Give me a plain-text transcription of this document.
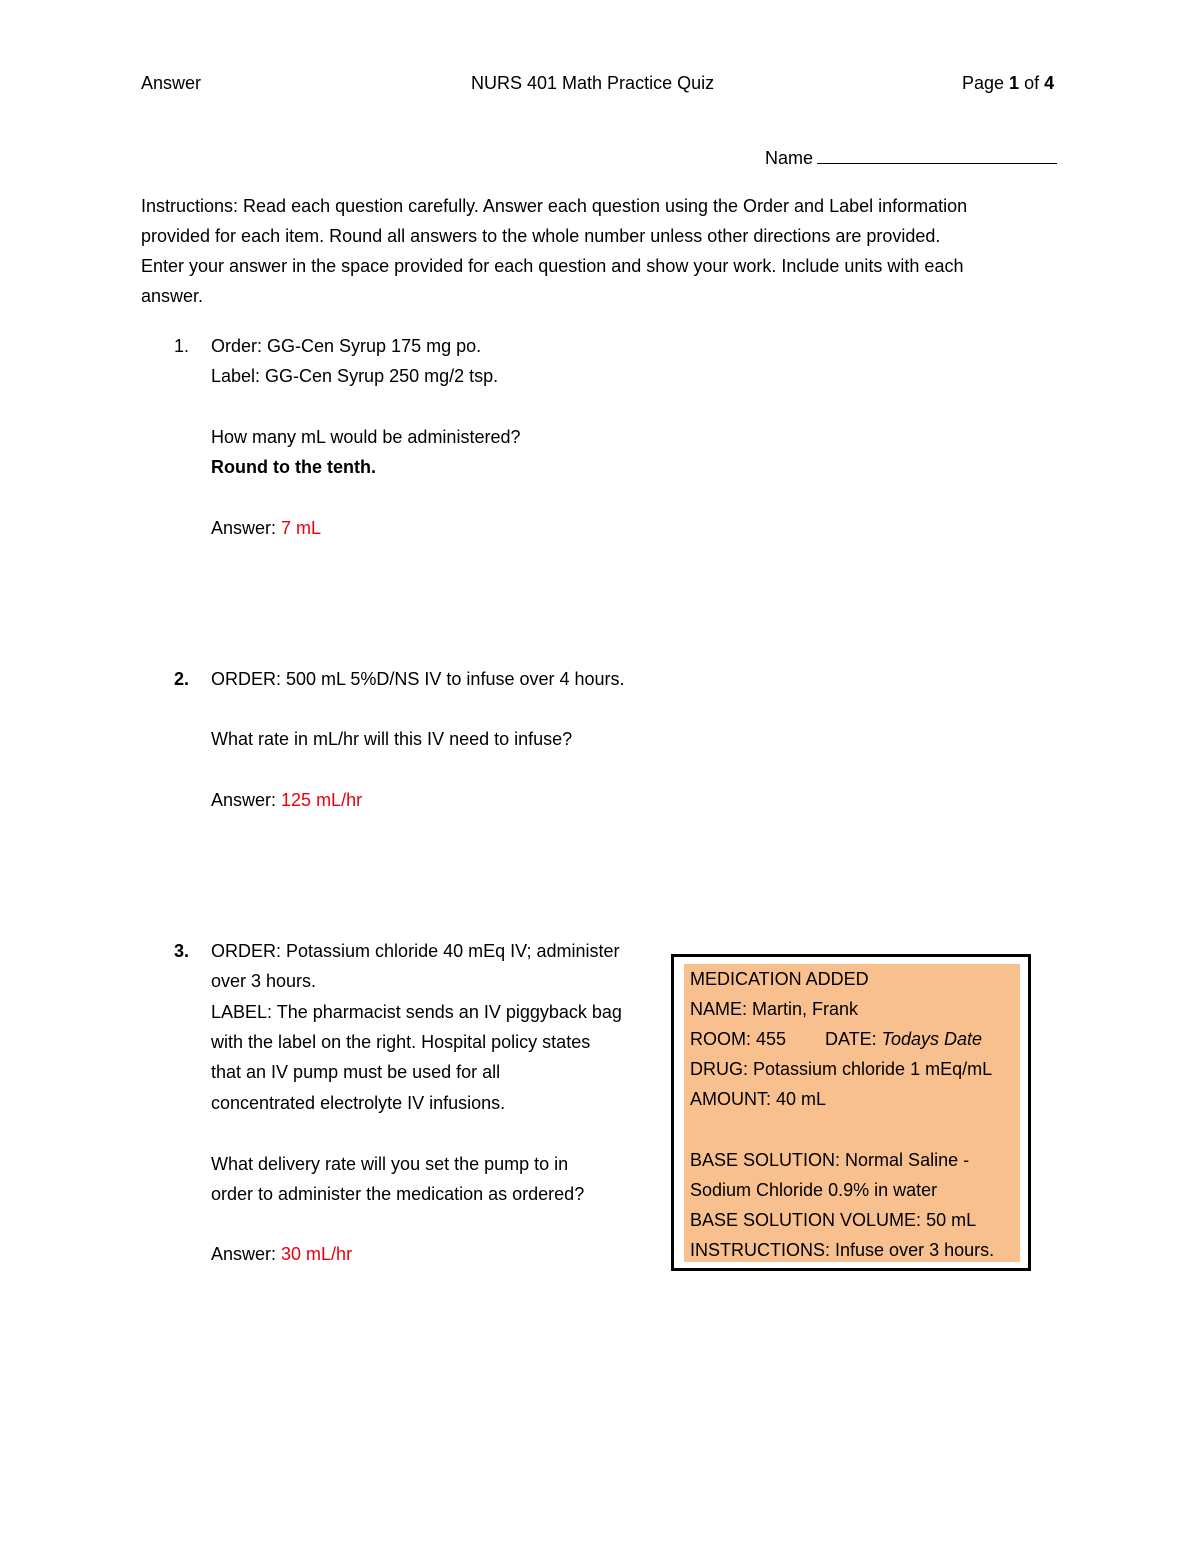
Answer	NURS 401 Math Practice Quiz	Page 1 of 4
Name
Instructions: Read each question carefully. Answer each question using the Order and Label information
provided for each item. Round all answers to the whole number unless other directions are provided.
Enter your answer in the space provided for each question and show your work. Include units with each
answer.
1. Order: GG-Cen Syrup 175 mg po.
Label: GG-Cen Syrup 250 mg/2 tsp.
How many mL would be administered?
Round to the tenth.
Answer: 7 mL
2. ORDER: 500 mL 5%D/NS IV to infuse over 4 hours.
What rate in mL/hr will this IV need to infuse?
Answer: 125 mL/hr
3. ORDER: Potassium chloride 40 mEq IV; administer
over 3 hours.
LABEL: The pharmacist sends an IV piggyback bag
with the label on the right. Hospital policy states
that an IV pump must be used for all
concentrated electrolyte IV infusions.
What delivery rate will you set the pump to in
order to administer the medication as ordered?
Answer: 30 mL/hr
MEDICATION ADDED
NAME: Martin, Frank
ROOM: 455 DATE: Todays Date
DRUG: Potassium chloride 1 mEq/mL
AMOUNT: 40 mL
BASE SOLUTION: Normal Saline -
Sodium Chloride 0.9% in water
BASE SOLUTION VOLUME: 50 mL
INSTRUCTIONS: Infuse over 3 hours.
